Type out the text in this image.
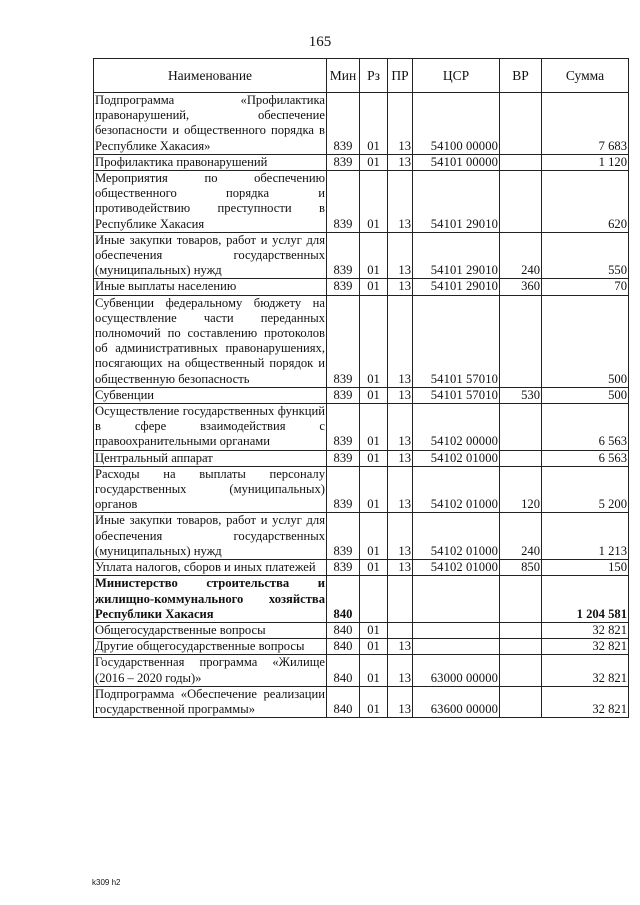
165
Наименование	Мин	Рз	ПР	ЦСР	ВР	Сумма
Подпрограмма «Профилактика правонарушений, обеспечение безопасности и общественного порядка в Республике Хакасия»	839	01	13	54100 00000		7 683
Профилактика правонарушений	839	01	13	54101 00000		1 120
Мероприятия по обеспечению общественного порядка и противодействию преступности в Республике Хакасия	839	01	13	54101 29010		620
Иные закупки товаров, работ и услуг для обеспечения государственных (муниципальных) нужд	839	01	13	54101 29010	240	550
Иные выплаты населению	839	01	13	54101 29010	360	70
Субвенции федеральному бюджету на осуществление части переданных полномочий по составлению протоколов об административных правонарушениях, посягающих на общественный порядок и общественную безопасность	839	01	13	54101 57010		500
Субвенции	839	01	13	54101 57010	530	500
Осуществление государственных функций в сфере взаимодействия с правоохранительными органами	839	01	13	54102 00000		6 563
Центральный аппарат	839	01	13	54102 01000		6 563
Расходы на выплаты персоналу государственных (муниципальных) органов	839	01	13	54102 01000	120	5 200
Иные закупки товаров, работ и услуг для обеспечения государственных (муниципальных) нужд	839	01	13	54102 01000	240	1 213
Уплата налогов, сборов и иных платежей	839	01	13	54102 01000	850	150
Министерство строительства и жилищно-коммунального хозяйства Республики Хакасия	840					1 204 581
Общегосударственные вопросы	840	01				32 821
Другие общегосударственные вопросы	840	01	13			32 821
Государственная программа «Жилище (2016 – 2020 годы)»	840	01	13	63000 00000		32 821
Подпрограмма «Обеспечение реализации государственной программы»	840	01	13	63600 00000		32 821
k309 h2
